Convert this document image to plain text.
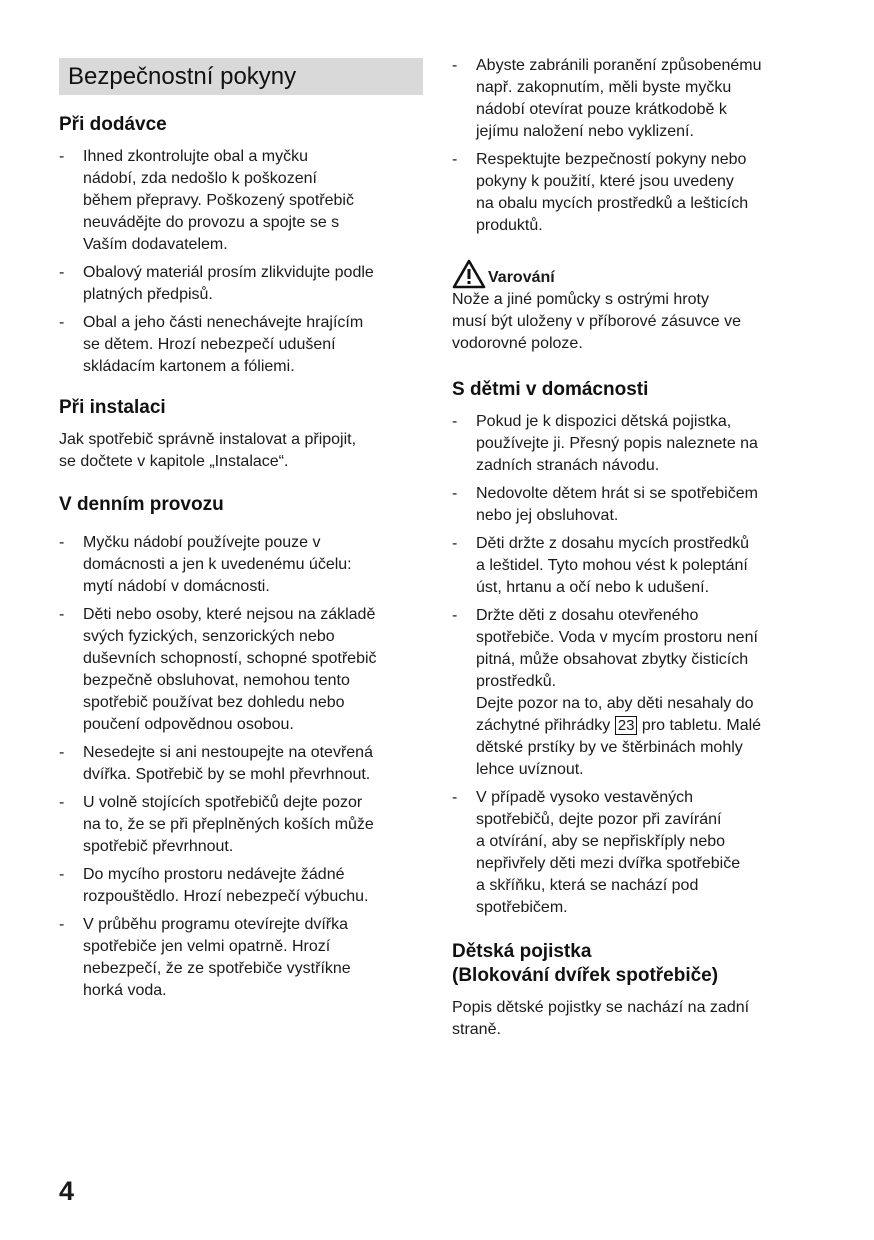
Bezpečnostní pokyny
Při dodávce
- Ihned zkontrolujte obal a myčku
nádobí, zda nedošlo k poškození
během přepravy. Poškozený spotřebič
neuvádějte do provozu a spojte se s
Vaším dodavatelem.
- Obalový materiál prosím zlikvidujte podle
platných předpisů.
- Obal a jeho části nenechávejte hrajícím
se dětem. Hrozí nebezpečí udušení
skládacím kartonem a fóliemi.
Při instalaci

Jak spotřebič správně instalovat a připojit,
se dočtete v kapitole „Instalace“.

V denním provozu
- Myčku nádobí používejte pouze v
domácnosti a jen k uvedenému účelu:
mytí nádobí v domácnosti.
- Děti nebo osoby, které nejsou na základě
svých fyzických, senzorických nebo
duševních schopností, schopné spotřebič
bezpečně obsluhovat, nemohou tento
spotřebič používat bez dohledu nebo
poučení odpovědnou osobou.
- Nesedejte si ani nestoupejte na otevřená
dvířka. Spotřebič by se mohl převrhnout.
- U volně stojících spotřebičů dejte pozor
na to, že se při přeplněných koších může
spotřebič převrhnout.
- Do mycího prostoru nedávejte žádné
rozpouštědlo. Hrozí nebezpečí výbuchu.
- V průběhu programu otevírejte dvířka
spotřebiče jen velmi opatrně. Hrozí
nebezpečí, že ze spotřebiče vystříkne
horká voda.
- Abyste zabránili poranění způsobenému
např. zakopnutím, měli byste myčku
nádobí otevírat pouze krátkodobě k
jejímu naložení nebo vyklizení.
- Respektujte bezpečností pokyny nebo
pokyny k použití, které jsou uvedeny
na obalu mycích prostředků a lešticích
produktů.
Varování

Nože a jiné pomůcky s ostrými hroty
musí být uloženy v příborové zásuvce ve
vodorovné poloze.

S dětmi v domácnosti
- Pokud je k dispozici dětská pojistka,
používejte ji. Přesný popis naleznete na
zadních stranách návodu.
- Nedovolte dětem hrát si se spotřebičem
nebo jej obsluhovat.
- Děti držte z dosahu mycích prostředků
a leštidel. Tyto mohou vést k poleptání
úst, hrtanu a očí nebo k udušení.
- Držte děti z dosahu otevřeného
spotřebiče. Voda v mycím prostoru není
pitná, může obsahovat zbytky čisticích
prostředků.
Dejte pozor na to, aby děti nesahaly do
záchytné přihrádky 23 pro tabletu. Malé
dětské prstíky by ve štěrbinách mohly
lehce uvíznout.
- V případě vysoko vestavěných
spotřebičů, dejte pozor při zavírání
a otvírání, aby se nepřiskříply nebo
nepřivřely děti mezi dvířka spotřebiče
a skříňku, která se nachází pod
spotřebičem.
Dětská pojistka
(Blokování dvířek spotřebiče)

Popis dětské pojistky se nachází na zadní
straně.

4
